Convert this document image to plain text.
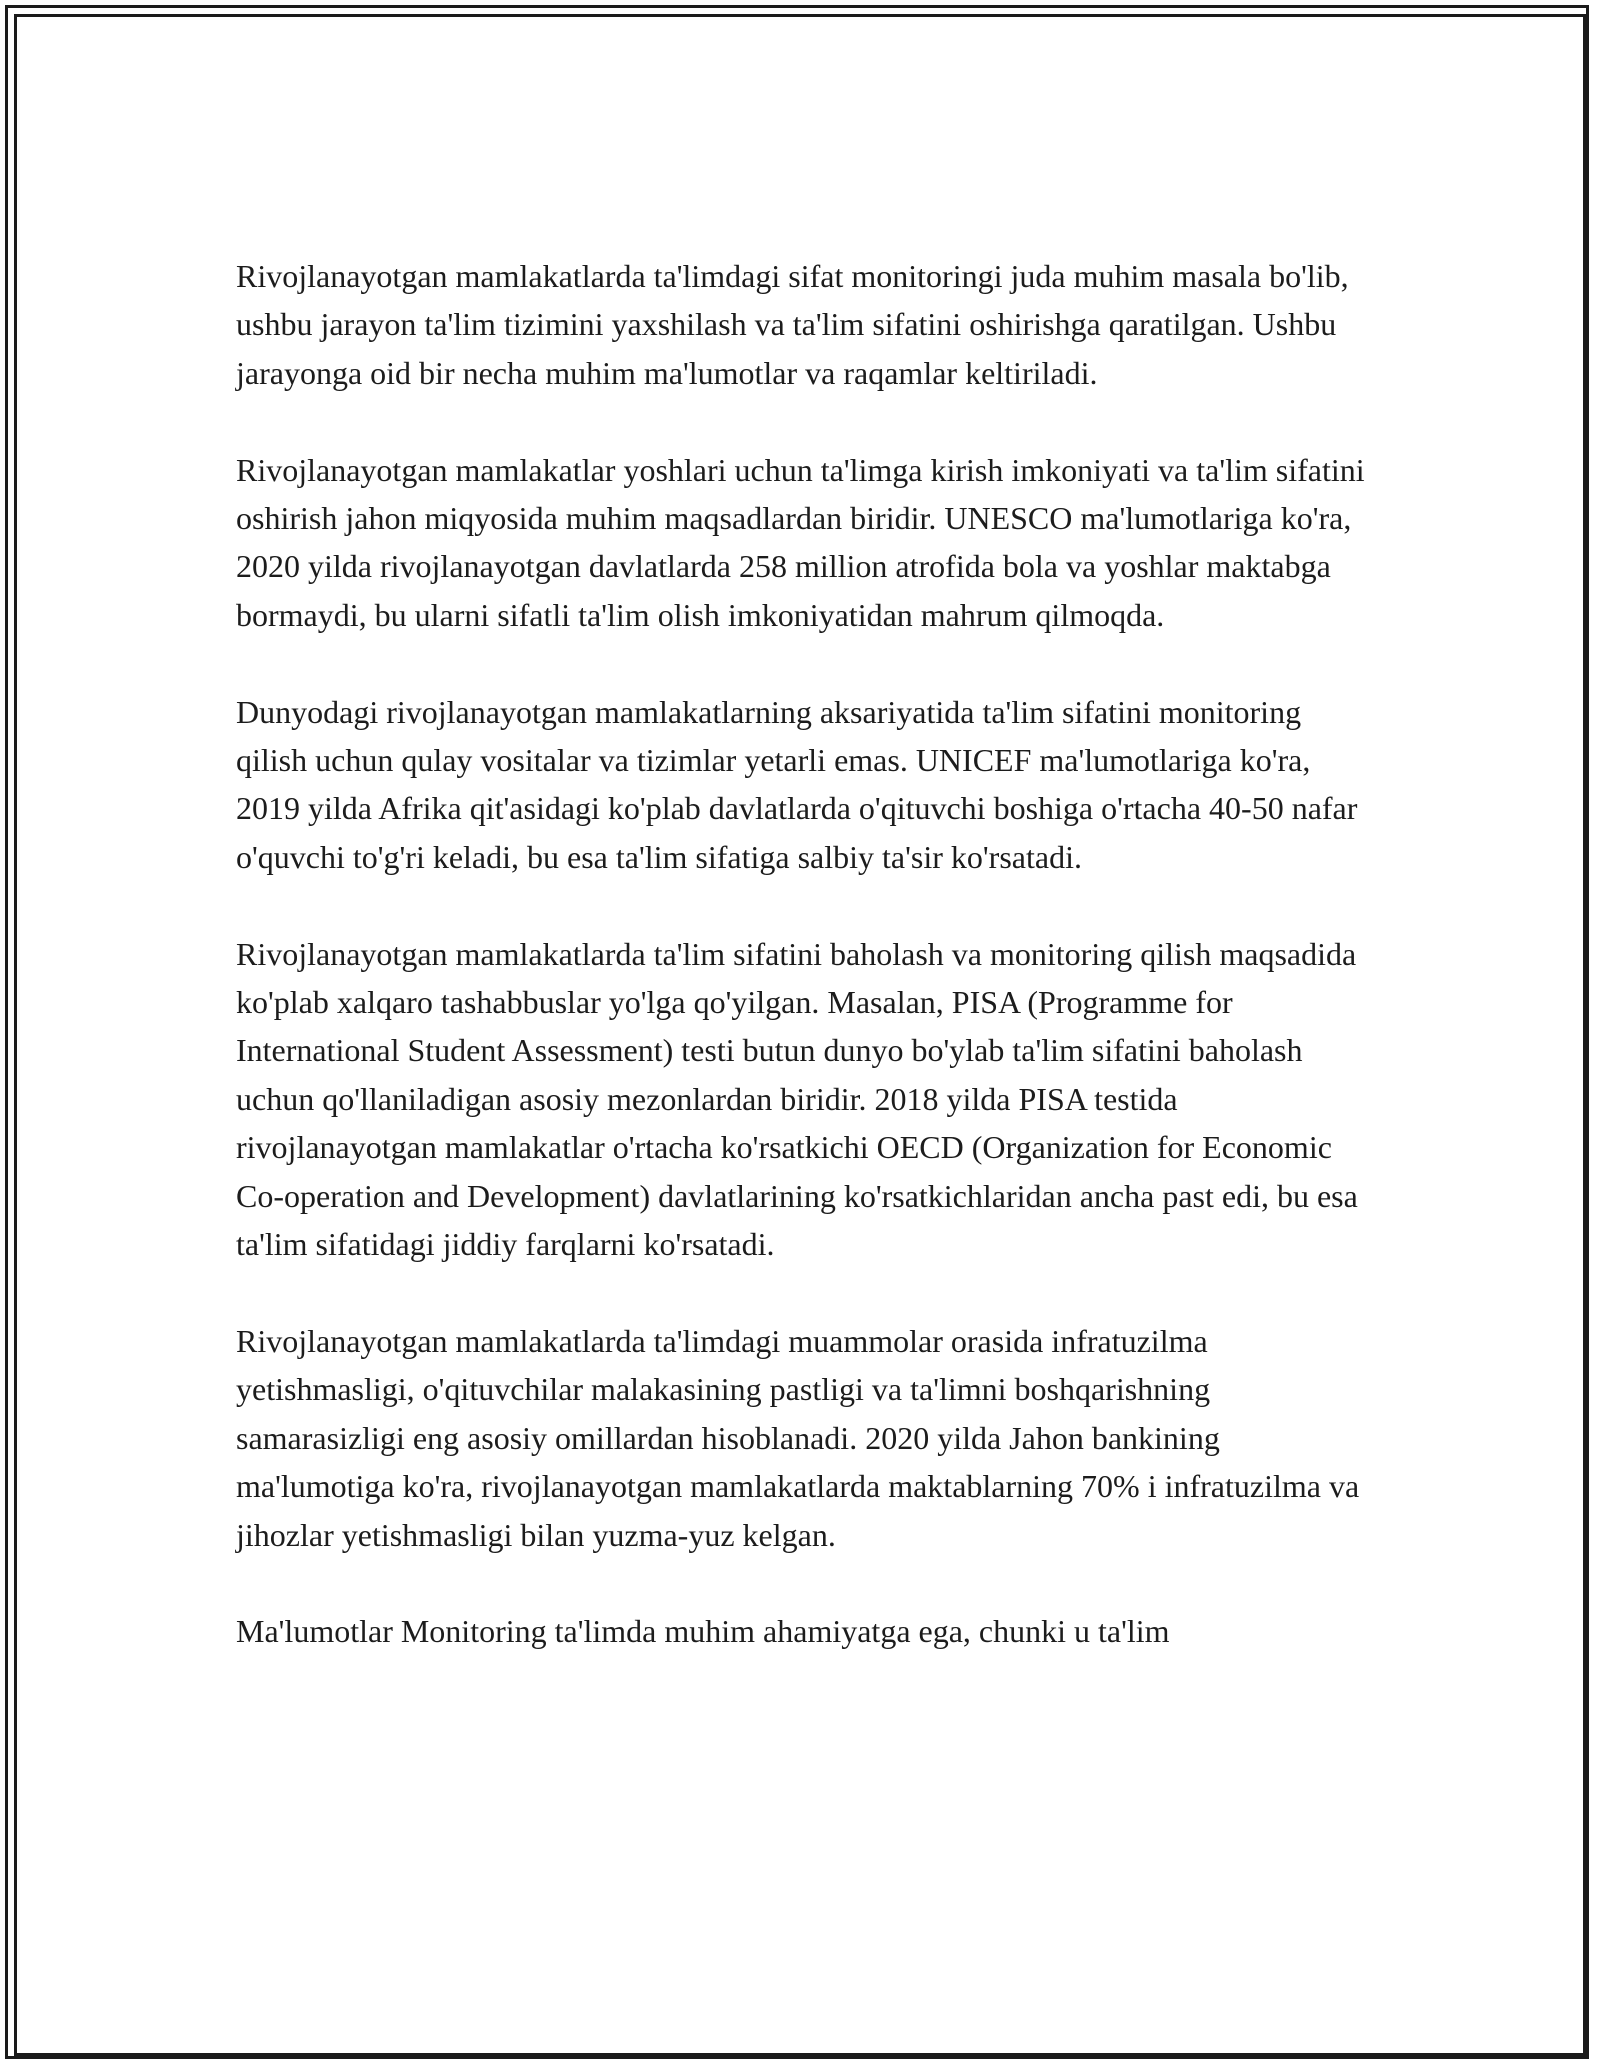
Rivojlanayotgan mamlakatlarda ta'limdagi sifat monitoringi juda muhim masala bo'lib, ushbu jarayon ta'lim tizimini yaxshilash va ta'lim sifatini oshirishga qaratilgan. Ushbu jarayonga oid bir necha muhim ma'lumotlar va raqamlar keltiriladi.

Rivojlanayotgan mamlakatlar yoshlari uchun ta'limga kirish imkoniyati va ta'lim sifatini oshirish jahon miqyosida muhim maqsadlardan biridir. UNESCO ma'lumotlariga ko'ra, 2020 yilda rivojlanayotgan davlatlarda 258 million atrofida bola va yoshlar maktabga bormaydi, bu ularni sifatli ta'lim olish imkoniyatidan mahrum qilmoqda.

Dunyodagi rivojlanayotgan mamlakatlarning aksariyatida ta'lim sifatini monitoring qilish uchun qulay vositalar va tizimlar yetarli emas. UNICEF ma'lumotlariga ko'ra, 2019 yilda Afrika qit'asidagi ko'plab davlatlarda o'qituvchi boshiga o'rtacha 40-50 nafar o'quvchi to'g'ri keladi, bu esa ta'lim sifatiga salbiy ta'sir ko'rsatadi.

Rivojlanayotgan mamlakatlarda ta'lim sifatini baholash va monitoring qilish maqsadida ko'plab xalqaro tashabbuslar yo'lga qo'yilgan. Masalan, PISA (Programme for International Student Assessment) testi butun dunyo bo'ylab ta'lim sifatini baholash uchun qo'llaniladigan asosiy mezonlardan biridir. 2018 yilda PISA testida rivojlanayotgan mamlakatlar o'rtacha ko'rsatkichi OECD (Organization for Economic Co-operation and Development) davlatlarining ko'rsatkichlaridan ancha past edi, bu esa ta'lim sifatidagi jiddiy farqlarni ko'rsatadi.

Rivojlanayotgan mamlakatlarda ta'limdagi muammolar orasida infratuzilma yetishmasligi, o'qituvchilar malakasining pastligi va ta'limni boshqarishning samarasizligi eng asosiy omillardan hisoblanadi. 2020 yilda Jahon bankining ma'lumotiga ko'ra, rivojlanayotgan mamlakatlarda maktablarning 70% i infratuzilma va jihozlar yetishmasligi bilan yuzma-yuz kelgan.

Ma'lumotlar Monitoring ta'limda muhim ahamiyatga ega, chunki u ta'lim
